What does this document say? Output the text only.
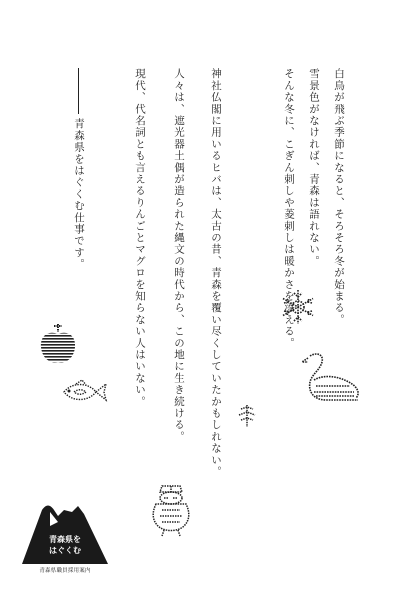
白鳥が飛ぶ季節になると、そろそろ冬が始まる。
雪景色がなければ、青森は語れない。
そんな冬に、こぎん刺しや菱刺しは暖かさを添える。
神社仏閣に用いるヒバは、太古の昔、青森を覆い尽くしていたかもしれない。
人々は、遮光器土偶が造られた縄文の時代から、この地に生き続ける。
現代、代名詞とも言えるりんごとマグロを知らない人はいない。
青森県をはぐくむ仕事です。
青森県を
はぐくむ
青森県職員採用案内
